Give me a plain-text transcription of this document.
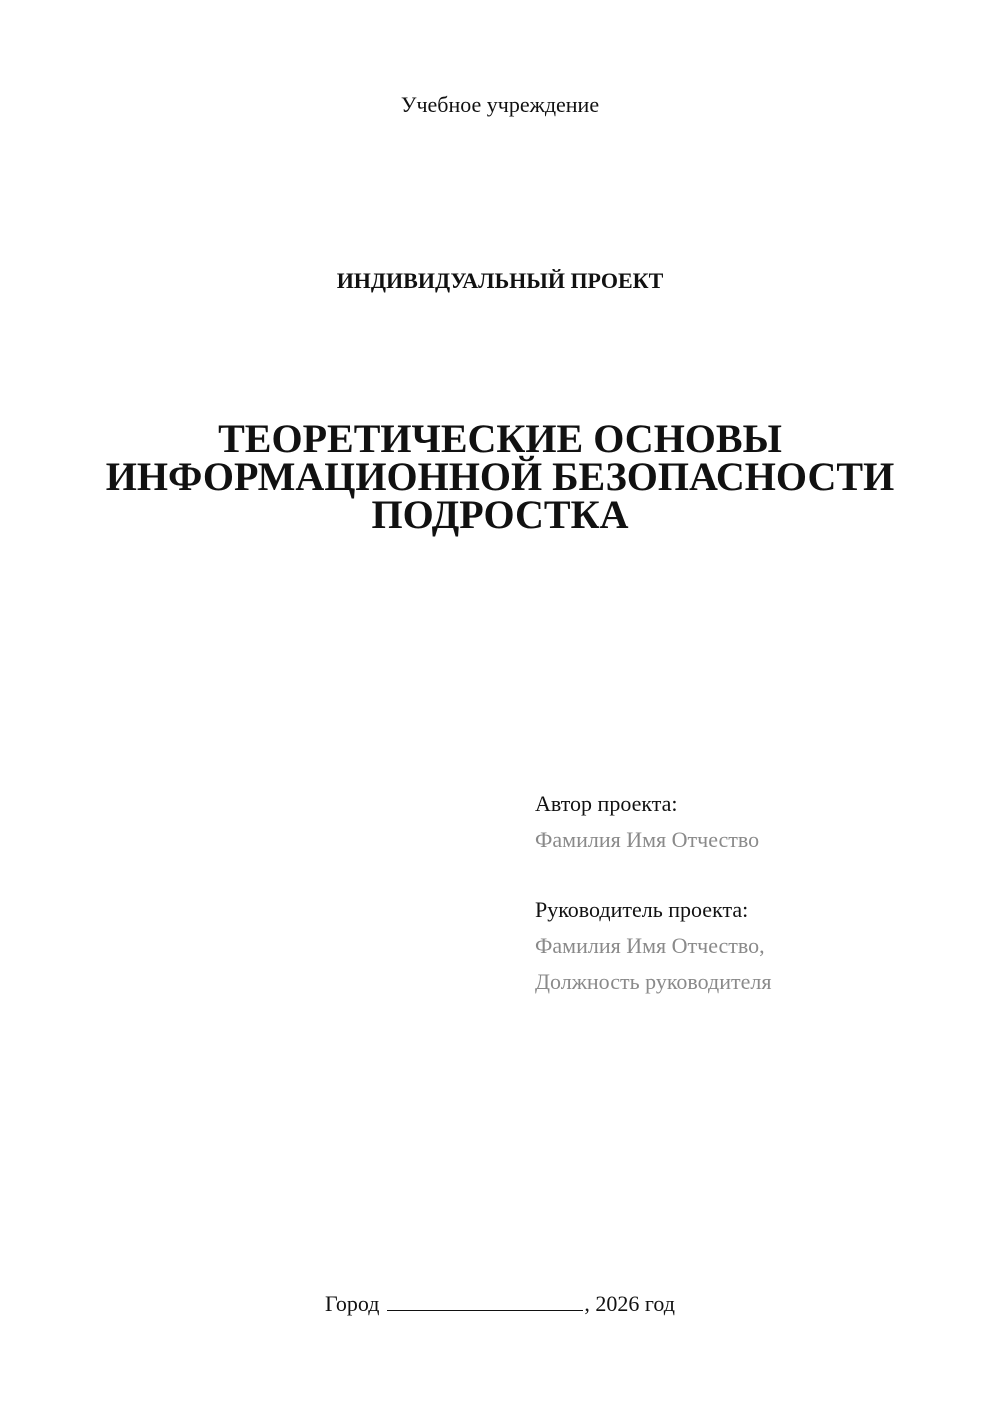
Учебное учреждение
ИНДИВИДУАЛЬНЫЙ ПРОЕКТ
ТЕОРЕТИЧЕСКИЕ ОСНОВЫ
ИНФОРМАЦИОННОЙ БЕЗОПАСНОСТИ
ПОДРОСТКА
Автор проекта:
Фамилия Имя Отчество
Руководитель проекта:
Фамилия Имя Отчество,
Должность руководителя
Город	, 2026 год
